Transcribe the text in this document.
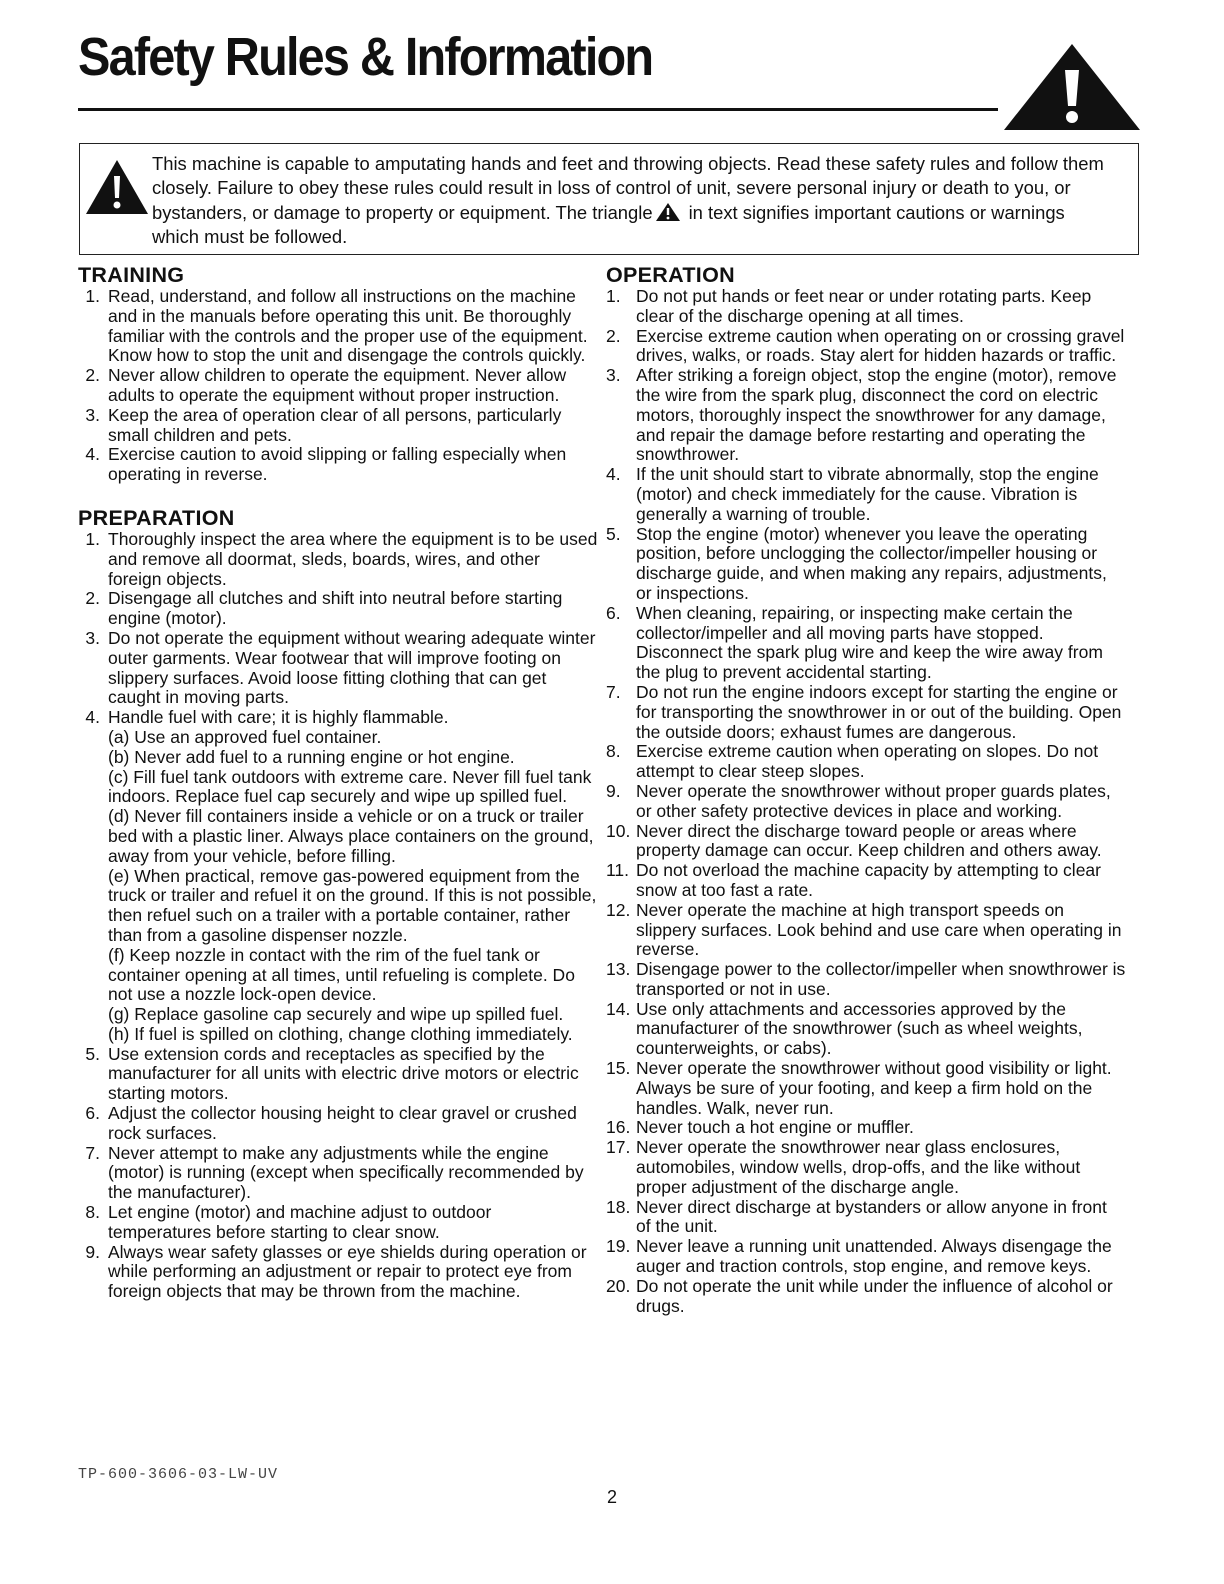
Safety Rules & Information

This machine is capable to amputating hands and feet and throwing objects. Read these safety rules and follow them closely. Failure to obey these rules could result in loss of control of unit, severe personal injury or death to you, or bystanders, or damage to property or equipment. The triangle in text signifies important cautions or warnings which must be followed.

TRAINING
1. Read, understand, and follow all instructions on the machine and in the manuals before operating this unit. Be thoroughly familiar with the controls and the proper use of the equipment. Know how to stop the unit and disengage the controls quickly.
2. Never allow children to operate the equipment. Never allow adults to operate the equipment without proper instruction.
3. Keep the area of operation clear of all persons, particularly small children and pets.
4. Exercise caution to avoid slipping or falling especially when operating in reverse.
PREPARATION
1. Thoroughly inspect the area where the equipment is to be used and remove all doormat, sleds, boards, wires, and other foreign objects.
2. Disengage all clutches and shift into neutral before starting engine (motor).
3. Do not operate the equipment without wearing adequate winter outer garments. Wear footwear that will improve footing on slippery surfaces. Avoid loose fitting clothing that can get caught in moving parts.
4. Handle fuel with care; it is highly flammable.
(a) Use an approved fuel container.
(b) Never add fuel to a running engine or hot engine.
(c) Fill fuel tank outdoors with extreme care. Never fill fuel tank indoors. Replace fuel cap securely and wipe up spilled fuel.
(d) Never fill containers inside a vehicle or on a truck or trailer bed with a plastic liner. Always place containers on the ground, away from your vehicle, before filling.
(e) When practical, remove gas-powered equipment from the truck or trailer and refuel it on the ground. If this is not possible, then refuel such on a trailer with a portable container, rather than from a gasoline dispenser nozzle.
(f) Keep nozzle in contact with the rim of the fuel tank or container opening at all times, until refueling is complete. Do not use a nozzle lock-open device.
(g) Replace gasoline cap securely and wipe up spilled fuel.
(h) If fuel is spilled on clothing, change clothing immediately.
5. Use extension cords and receptacles as specified by the manufacturer for all units with electric drive motors or electric starting motors.
6. Adjust the collector housing height to clear gravel or crushed rock surfaces.
7. Never attempt to make any adjustments while the engine (motor) is running (except when specifically recommended by the manufacturer).
8. Let engine (motor) and machine adjust to outdoor temperatures before starting to clear snow.
9. Always wear safety glasses or eye shields during operation or while performing an adjustment or repair to protect eye from foreign objects that may be thrown from the machine.
OPERATION
1. Do not put hands or feet near or under rotating parts. Keep clear of the discharge opening at all times.
2. Exercise extreme caution when operating on or crossing gravel drives, walks, or roads. Stay alert for hidden hazards or traffic.
3. After striking a foreign object, stop the engine (motor), remove the wire from the spark plug, disconnect the cord on electric motors, thoroughly inspect the snowthrower for any damage, and repair the damage before restarting and operating the snowthrower.
4. If the unit should start to vibrate abnormally, stop the engine (motor) and check immediately for the cause. Vibration is generally a warning of trouble.
5. Stop the engine (motor) whenever you leave the operating position, before unclogging the collector/impeller housing or discharge guide, and when making any repairs, adjustments, or inspections.
6. When cleaning, repairing, or inspecting make certain the collector/impeller and all moving parts have stopped. Disconnect the spark plug wire and keep the wire away from the plug to prevent accidental starting.
7. Do not run the engine indoors except for starting the engine or for transporting the snowthrower in or out of the building. Open the outside doors; exhaust fumes are dangerous.
8. Exercise extreme caution when operating on slopes. Do not attempt to clear steep slopes.
9. Never operate the snowthrower without proper guards plates, or other safety protective devices in place and working.
10. Never direct the discharge toward people or areas where property damage can occur. Keep children and others away.
11. Do not overload the machine capacity by attempting to clear snow at too fast a rate.
12. Never operate the machine at high transport speeds on slippery surfaces. Look behind and use care when operating in reverse.
13. Disengage power to the collector/impeller when snowthrower is transported or not in use.
14. Use only attachments and accessories approved by the manufacturer of the snowthrower (such as wheel weights, counterweights, or cabs).
15. Never operate the snowthrower without good visibility or light. Always be sure of your footing, and keep a firm hold on the handles. Walk, never run.
16. Never touch a hot engine or muffler.
17. Never operate the snowthrower near glass enclosures, automobiles, window wells, drop-offs, and the like without proper adjustment of the discharge angle.
18. Never direct discharge at bystanders or allow anyone in front of the unit.
19. Never leave a running unit unattended. Always disengage the auger and traction controls, stop engine, and remove keys.
20. Do not operate the unit while under the influence of alcohol or drugs.

TP-600-3606-03-LW-UV

2
